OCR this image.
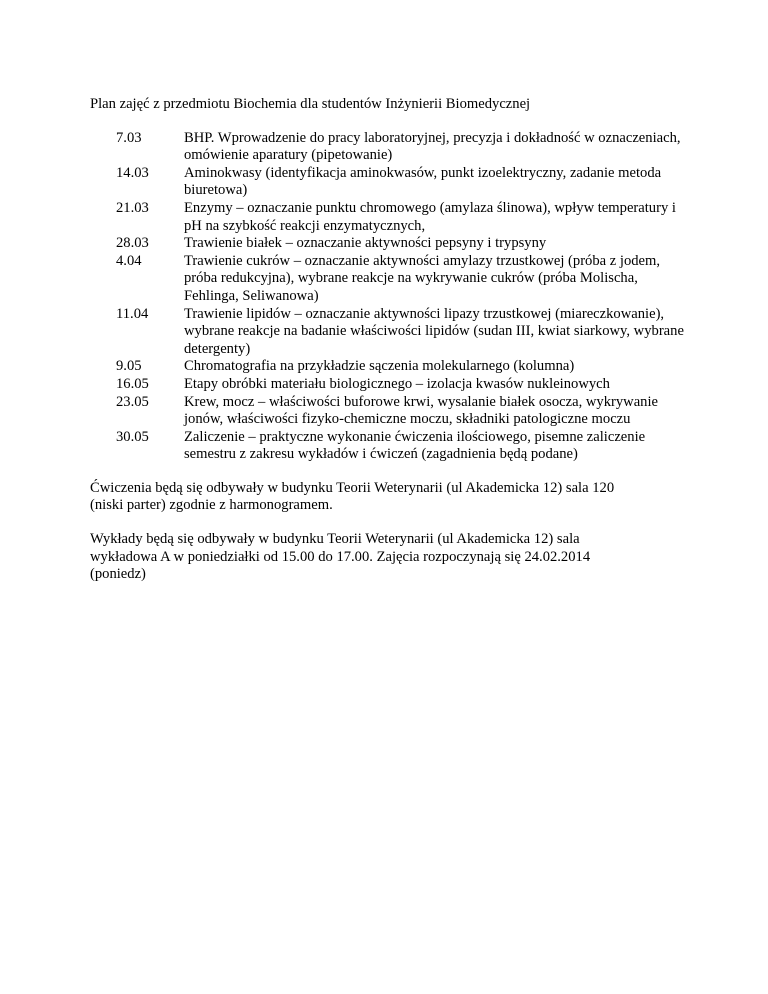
Plan zajęć z przedmiotu Biochemia dla studentów Inżynierii Biomedycznej
7.03	BHP. Wprowadzenie do pracy laboratoryjnej, precyzja i dokładność w oznaczeniach, omówienie aparatury (pipetowanie)
14.03	Aminokwasy (identyfikacja aminokwasów, punkt izoelektryczny, zadanie metoda biuretowa)
21.03	Enzymy – oznaczanie punktu chromowego (amylaza ślinowa), wpływ temperatury i pH na szybkość reakcji enzymatycznych,
28.03	Trawienie białek – oznaczanie aktywności pepsyny i trypsyny
4.04	Trawienie cukrów – oznaczanie aktywności amylazy trzustkowej (próba z jodem, próba redukcyjna), wybrane reakcje na wykrywanie cukrów (próba Molischa, Fehlinga, Seliwanowa)
11.04	Trawienie lipidów – oznaczanie aktywności lipazy trzustkowej (miareczkowanie), wybrane reakcje na badanie właściwości lipidów (sudan III, kwiat siarkowy, wybrane detergenty)
9.05	Chromatografia na przykładzie sączenia molekularnego (kolumna)
16.05	Etapy obróbki materiału biologicznego – izolacja kwasów nukleinowych
23.05	Krew, mocz – właściwości buforowe krwi, wysalanie białek osocza, wykrywanie jonów, właściwości fizyko-chemiczne moczu, składniki patologiczne moczu
30.05	Zaliczenie – praktyczne wykonanie ćwiczenia ilościowego, pisemne zaliczenie semestru z zakresu wykładów i ćwiczeń (zagadnienia będą podane)
Ćwiczenia będą się odbywały w budynku Teorii Weterynarii (ul Akademicka 12) sala 120 (niski parter) zgodnie z harmonogramem.
Wykłady będą się odbywały w budynku Teorii Weterynarii (ul Akademicka 12) sala wykładowa A w poniedziałki od 15.00 do 17.00. Zajęcia rozpoczynają się 24.02.2014 (poniedz)
